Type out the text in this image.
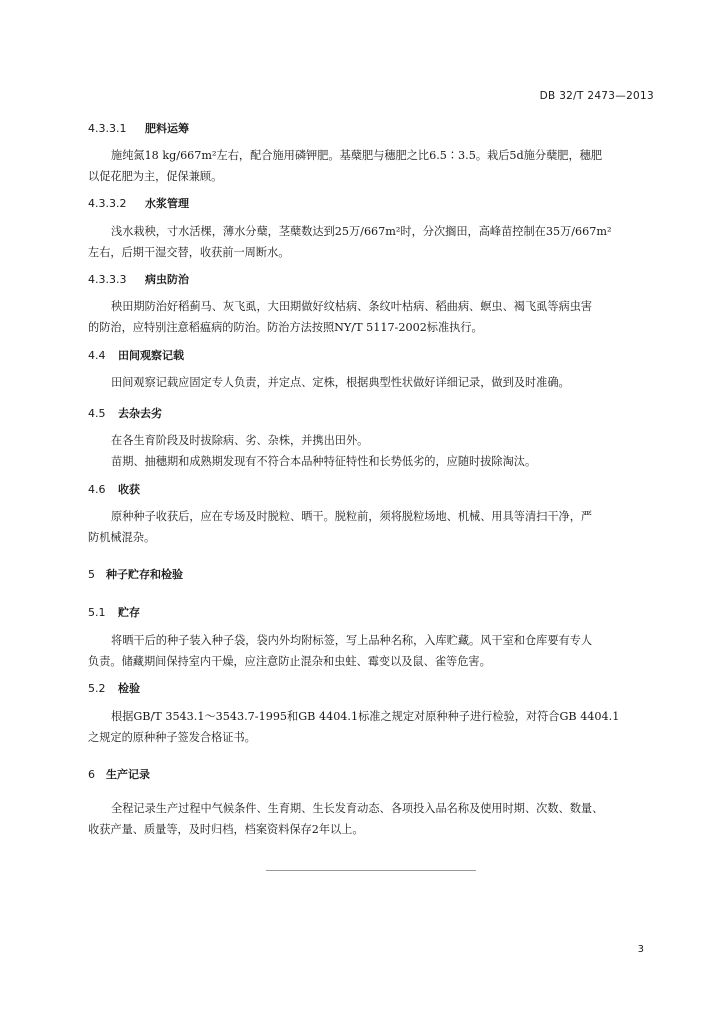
DB 32/T 2473—2013
4.3.3.1 肥料运筹

施纯氮18 kg/667m²左右，配合施用磷钾肥。基蘖肥与穗肥之比6.5∶3.5。栽后5d施分蘖肥，穗肥

以促花肥为主，促保兼顾。

4.3.3.2 水浆管理

浅水栽秧，寸水活棵，薄水分蘖，茎蘖数达到25万/667m²时，分次搁田，高峰苗控制在35万/667m²

左右，后期干湿交替，收获前一周断水。

4.3.3.3 病虫防治

秧田期防治好稻蓟马、灰飞虱，大田期做好纹枯病、条纹叶枯病、稻曲病、螟虫、褐飞虱等病虫害

的防治，应特别注意稻瘟病的防治。防治方法按照NY/T 5117-2002标准执行。

4.4 田间观察记载

田间观察记载应固定专人负责，并定点、定株，根据典型性状做好详细记录，做到及时准确。

4.5 去杂去劣

在各生育阶段及时拔除病、劣、杂株，并携出田外。

苗期、抽穗期和成熟期发现有不符合本品种特征特性和长势低劣的，应随时拔除淘汰。

4.6 收获

原种种子收获后，应在专场及时脱粒、晒干。脱粒前，须将脱粒场地、机械、用具等清扫干净，严

防机械混杂。

5 种子贮存和检验
5.1 贮存

将晒干后的种子装入种子袋，袋内外均附标签，写上品种名称，入库贮藏。风干室和仓库要有专人

负责。储藏期间保持室内干燥，应注意防止混杂和虫蛀、霉变以及鼠、雀等危害。

5.2 检验

根据GB/T 3543.1～3543.7-1995和GB 4404.1标准之规定对原种种子进行检验，对符合GB 4404.1

之规定的原种种子签发合格证书。

6 生产记录

全程记录生产过程中气候条件、生育期、生长发育动态、各项投入品名称及使用时期、次数、数量、

收获产量、质量等，及时归档，档案资料保存2年以上。

3
